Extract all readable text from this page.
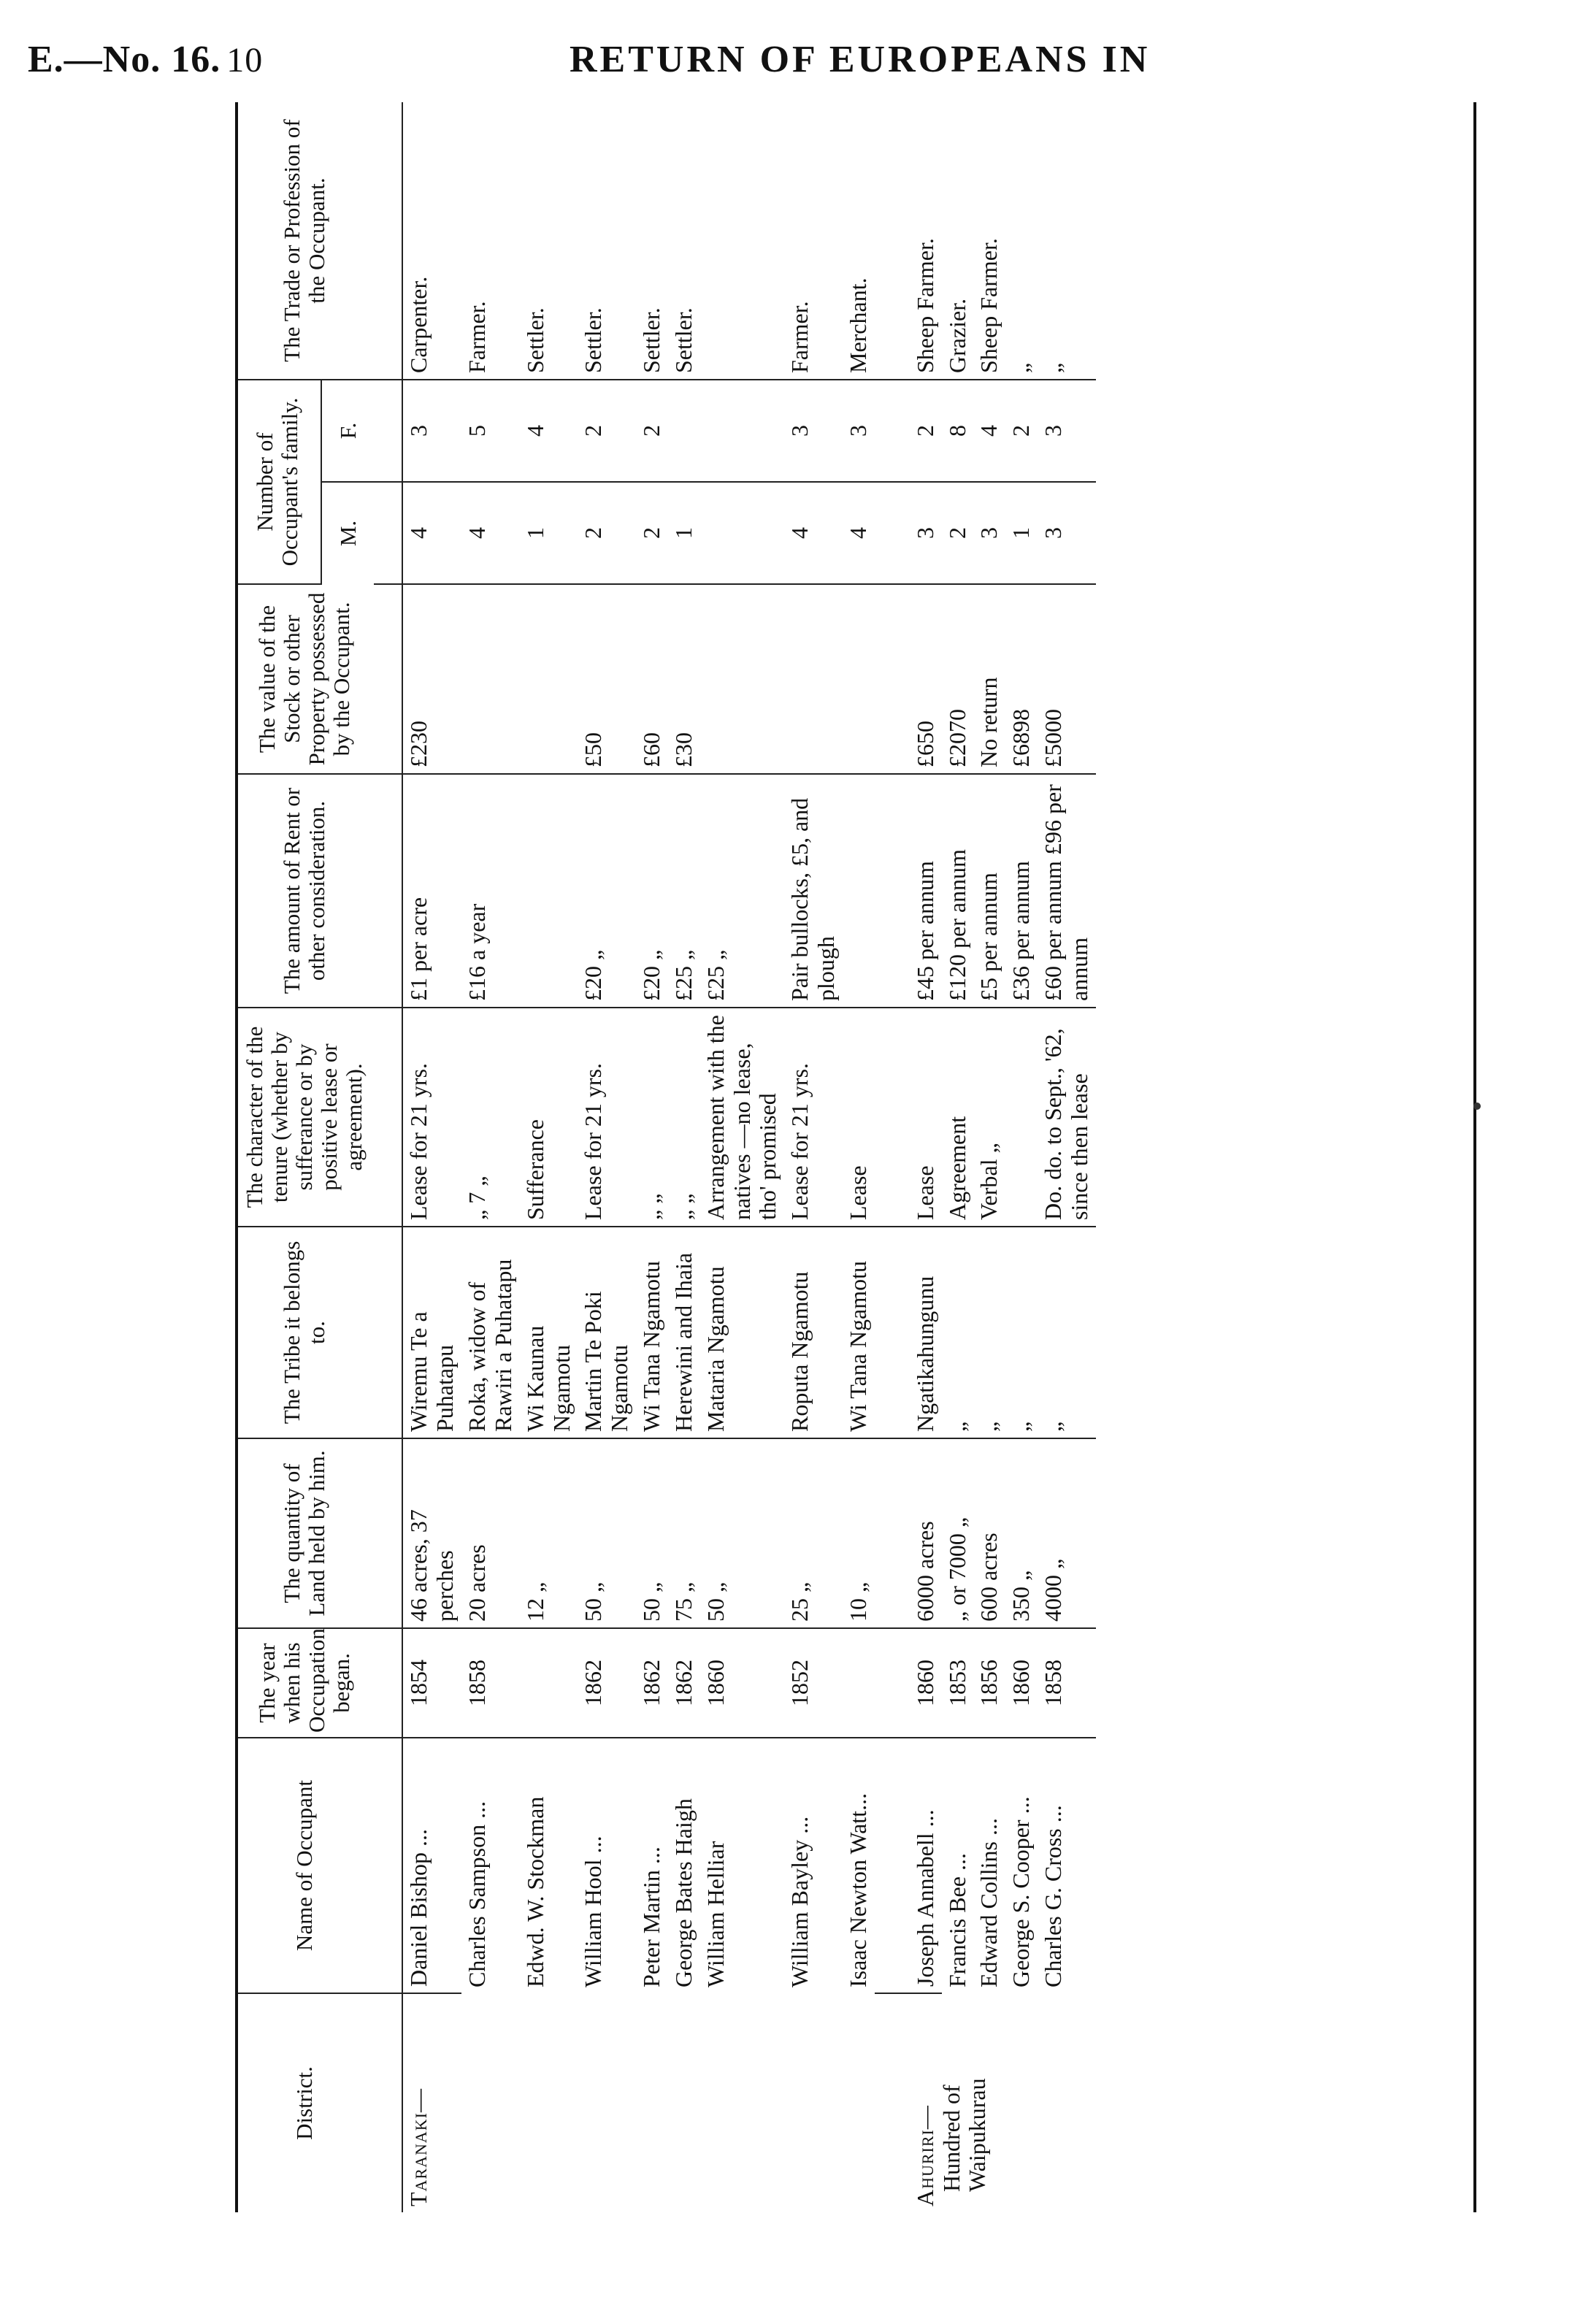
E.—No. 16. 10	RETURN OF EUROPEANS IN
District.	Name of Occupant	The year when his Occupation began.	The quantity of Land held by him.	The Tribe it belongs to.	The character of the tenure (whether by sufferance or by positive lease or agreement).	The amount of Rent or other consideration.	The value of the Stock or other Property possessed by the Occupant.	Number of Occupant's family.		The Trade or Profession of the Occupant.
								M.	F.	

Taranaki—	Daniel Bishop ...	1854	46 acres, 37 perches	Wiremu Te a Puhatapu	Lease for 21 yrs.	£1 per acre	£230	4	3	Carpenter.
	Charles Sampson ...	1858	20 acres	Roka, widow of Rawiri a Puhatapu	„ 7 „	£16 a year		4	5	Farmer.
	Edwd. W. Stockman		12 „	Wi Kaunau Ngamotu	Sufferance			1	4	Settler.
	William Hool ...	1862	50 „	Martin Te Poki Ngamotu	Lease for 21 yrs.	£20 „	£50	2	2	Settler.
	Peter Martin ...	1862	50 „	Wi Tana Ngamotu	„ „	£20 „	£60	2	2	Settler.
	George Bates Haigh	1862	75 „	Herewini and Ihaia	„ „	£25 „	£30	1		Settler.
	William Helliar	1860	50 „	Mataria Ngamotu	Arrangement with the natives —no lease, tho' promised	£25 „				
	William Bayley ...	1852	25 „	Roputa Ngamotu	Lease for 21 yrs.	Pair bullocks, £5, and plough		4	3	Farmer.
	Isaac Newton Watt...		10 „	Wi Tana Ngamotu	Lease			4	3	Merchant.

Ahuriri— Hundred of Waipukurau	Joseph Annabell ...	1860	6000 acres	Ngatikahungunu	Lease	£45 per annum	£650	3	2	Sheep Farmer.
	Francis Bee ...	1853	„ or 7000 „	„	Agreement	£120 per annum	£2070	2	8	Grazier.
	Edward Collins ...	1856	600 acres	„	Verbal „	£5 per annum	No return	3	4	Sheep Farmer.
	George S. Cooper ...	1860	350 „	„		£36 per annum	£6898	1	2	„
	Charles G. Cross ...	1858	4000 „	„	Do. do. to Sept., '62, since then lease	£60 per annum £96 per annum	£5000	3	3	„
